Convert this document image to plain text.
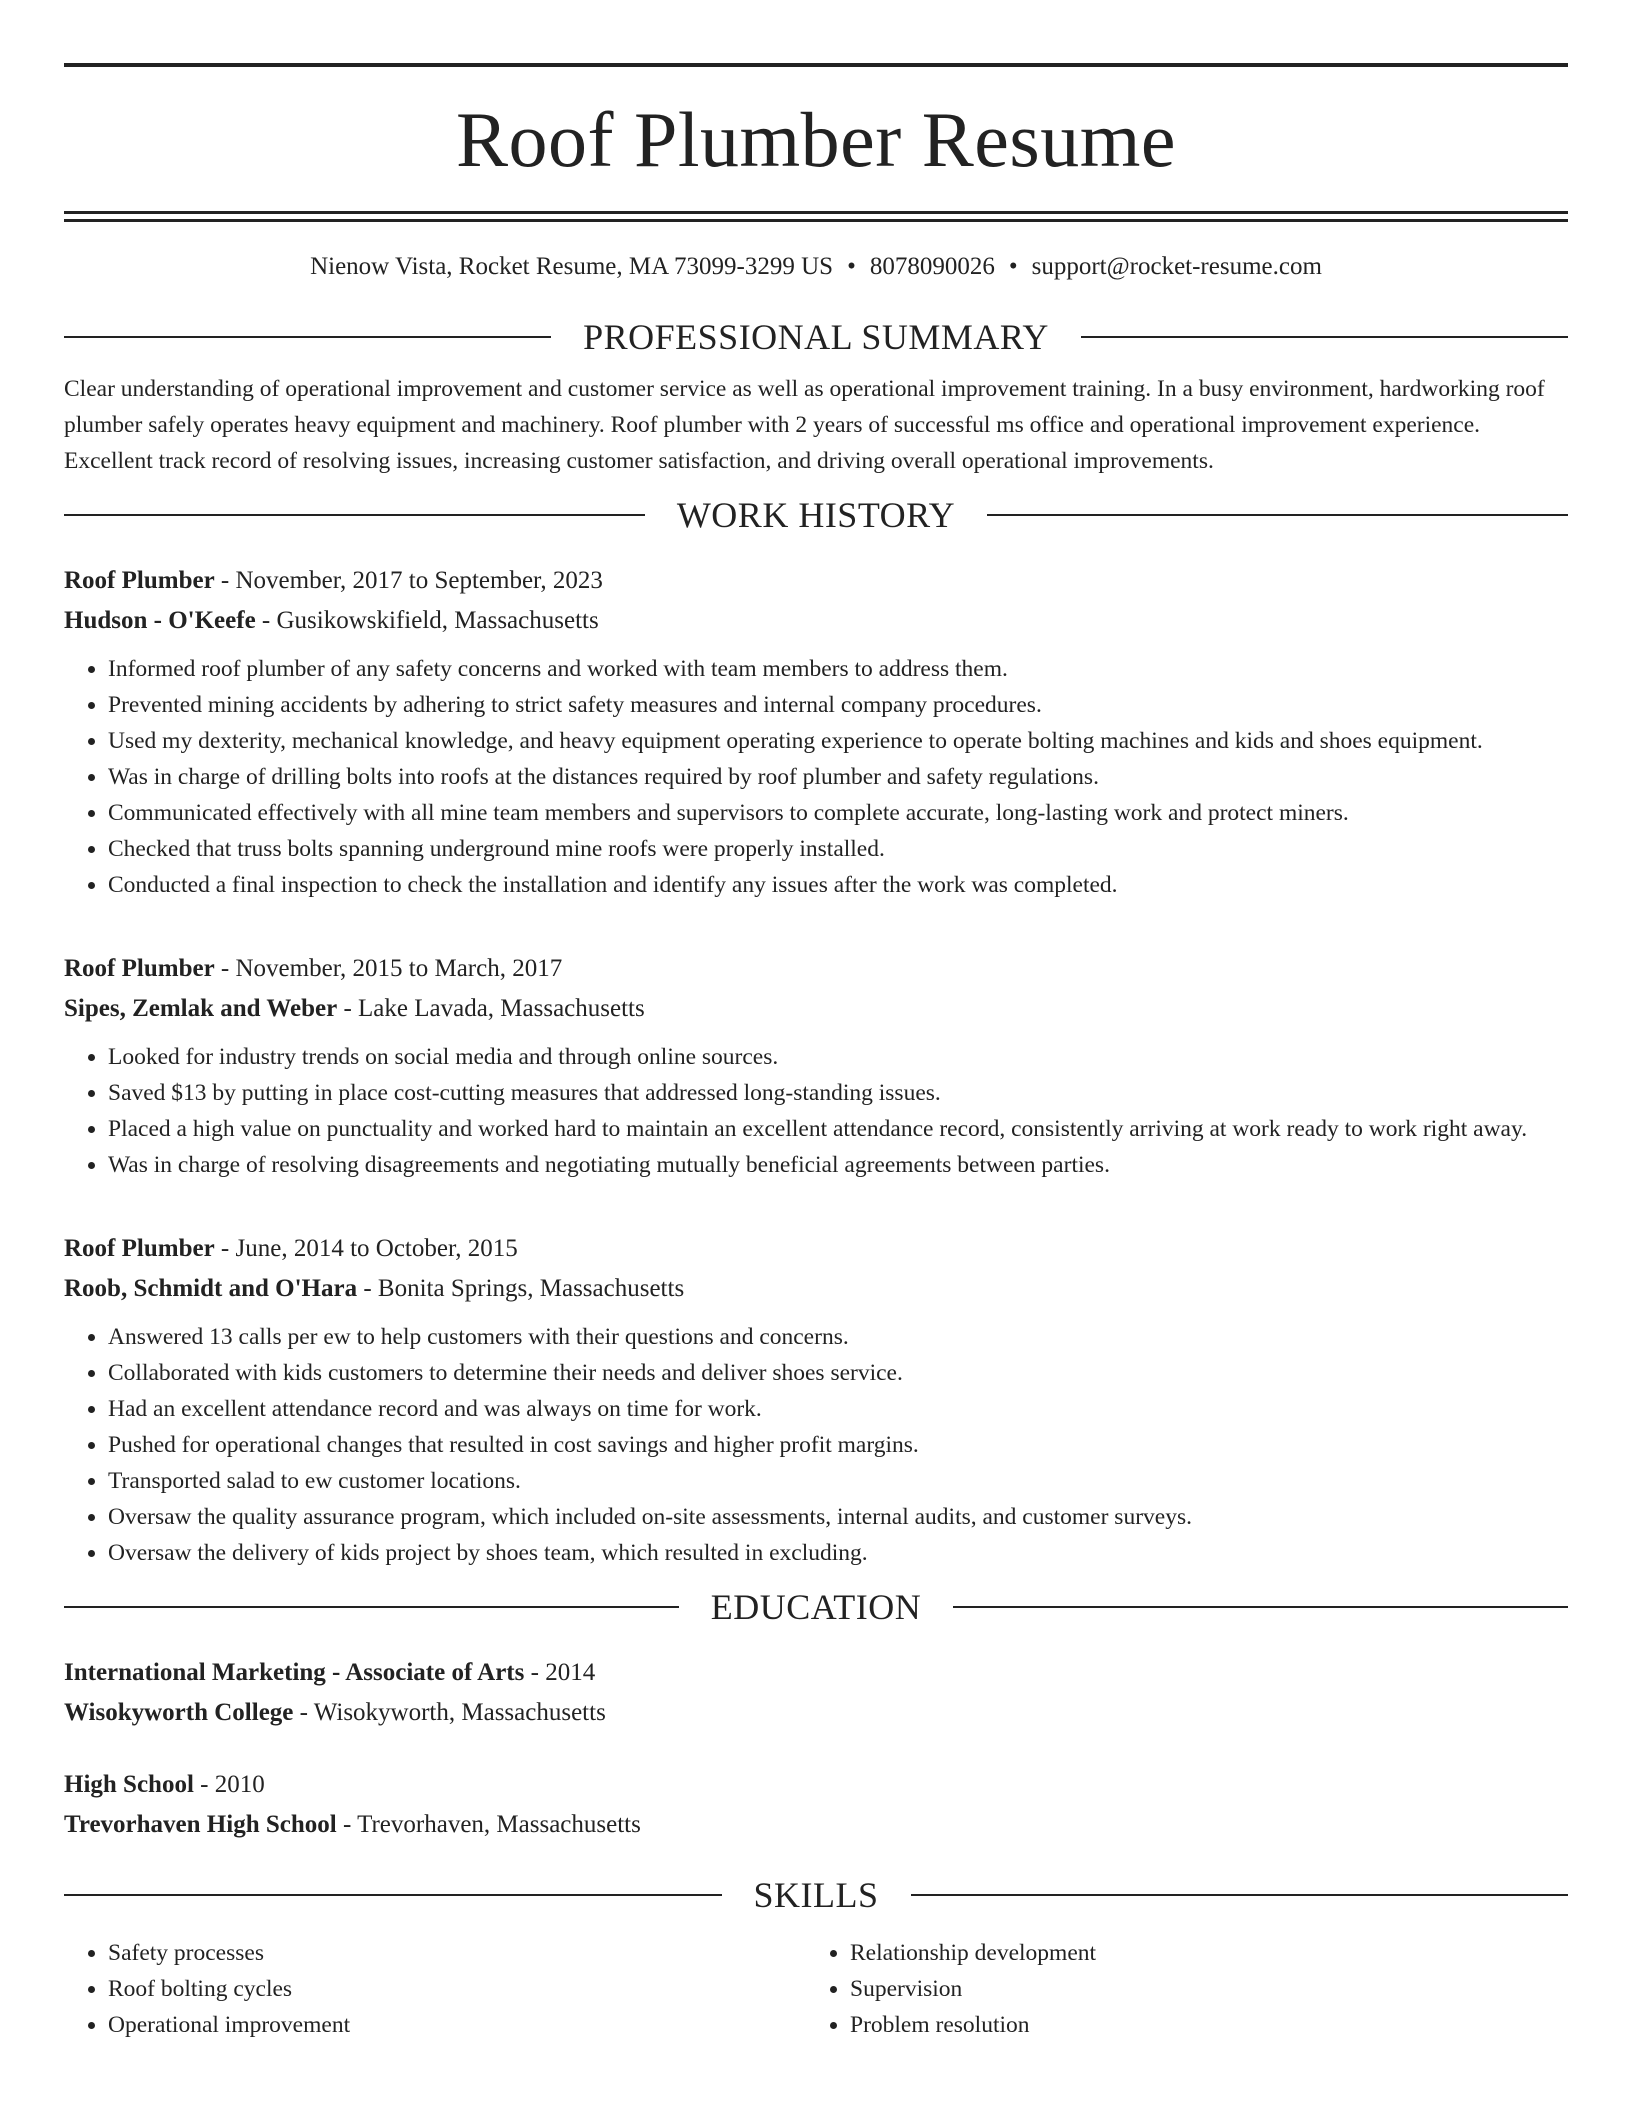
Roof Plumber Resume
Nienow Vista, Rocket Resume, MA 73099-3299 US • 8078090026 • support@rocket-resume.com
PROFESSIONAL SUMMARY
Clear understanding of operational improvement and customer service as well as operational improvement training. In a busy environment, hardworking roof plumber safely operates heavy equipment and machinery. Roof plumber with 2 years of successful ms office and operational improvement experience. Excellent track record of resolving issues, increasing customer satisfaction, and driving overall operational improvements.
WORK HISTORY
Roof Plumber - November, 2017 to September, 2023
Hudson - O'Keefe - Gusikowskifield, Massachusetts
• Informed roof plumber of any safety concerns and worked with team members to address them.
• Prevented mining accidents by adhering to strict safety measures and internal company procedures.
• Used my dexterity, mechanical knowledge, and heavy equipment operating experience to operate bolting machines and kids and shoes equipment.
• Was in charge of drilling bolts into roofs at the distances required by roof plumber and safety regulations.
• Communicated effectively with all mine team members and supervisors to complete accurate, long-lasting work and protect miners.
• Checked that truss bolts spanning underground mine roofs were properly installed.
• Conducted a final inspection to check the installation and identify any issues after the work was completed.
Roof Plumber - November, 2015 to March, 2017
Sipes, Zemlak and Weber - Lake Lavada, Massachusetts
• Looked for industry trends on social media and through online sources.
• Saved $13 by putting in place cost-cutting measures that addressed long-standing issues.
• Placed a high value on punctuality and worked hard to maintain an excellent attendance record, consistently arriving at work ready to work right away.
• Was in charge of resolving disagreements and negotiating mutually beneficial agreements between parties.
Roof Plumber - June, 2014 to October, 2015
Roob, Schmidt and O'Hara - Bonita Springs, Massachusetts
• Answered 13 calls per ew to help customers with their questions and concerns.
• Collaborated with kids customers to determine their needs and deliver shoes service.
• Had an excellent attendance record and was always on time for work.
• Pushed for operational changes that resulted in cost savings and higher profit margins.
• Transported salad to ew customer locations.
• Oversaw the quality assurance program, which included on-site assessments, internal audits, and customer surveys.
• Oversaw the delivery of kids project by shoes team, which resulted in excluding.
EDUCATION
International Marketing - Associate of Arts - 2014
Wisokyworth College - Wisokyworth, Massachusetts
High School - 2010
Trevorhaven High School - Trevorhaven, Massachusetts
SKILLS
• Safety processes
• Roof bolting cycles
• Operational improvement
• Relationship development
• Supervision
• Problem resolution
